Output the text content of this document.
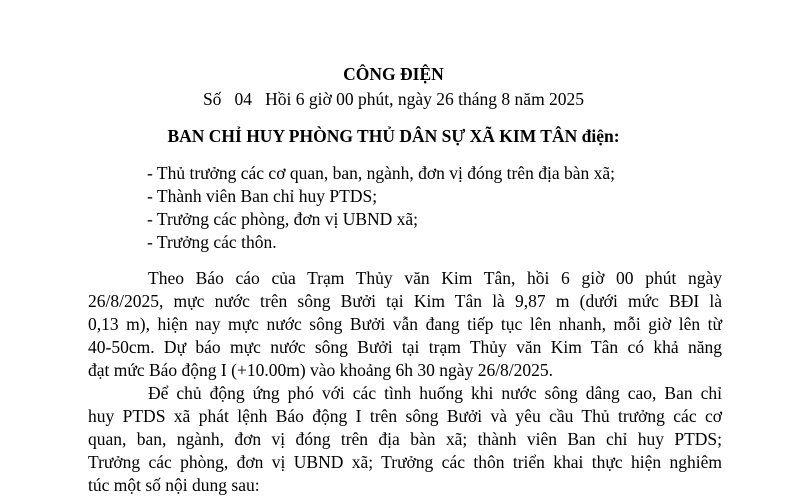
CÔNG ĐIỆN
Số   04   Hồi 6 giờ 00 phút, ngày 26 tháng 8 năm 2025
BAN CHỈ HUY PHÒNG THỦ DÂN SỰ XÃ KIM TÂN điện:
- Thủ trưởng các cơ quan, ban, ngành, đơn vị đóng trên địa bàn xã;
- Thành viên Ban chỉ huy PTDS;
- Trưởng các phòng, đơn vị UBND xã;
- Trưởng các thôn.
Theo Báo cáo của Trạm Thủy văn Kim Tân, hồi 6 giờ 00 phút ngày
26/8/2025, mực nước trên sông Bưởi tại Kim Tân là 9,87 m (dưới mức BĐI là
0,13 m), hiện nay mực nước sông Bưởi vẫn đang tiếp tục lên nhanh, mỗi giờ lên từ
40-50cm. Dự báo mực nước sông Bưởi tại trạm Thủy văn Kim Tân có khả năng
đạt mức Báo động I (+10.00m) vào khoảng 6h 30 ngày 26/8/2025.
Để chủ động ứng phó với các tình huống khi nước sông dâng cao, Ban chỉ
huy PTDS xã phát lệnh Báo động I trên sông Bưởi và yêu cầu Thủ trưởng các cơ
quan, ban, ngành, đơn vị đóng trên địa bàn xã; thành viên Ban chỉ huy PTDS;
Trưởng các phòng, đơn vị UBND xã; Trưởng các thôn triển khai thực hiện nghiêm
túc một số nội dung sau:
